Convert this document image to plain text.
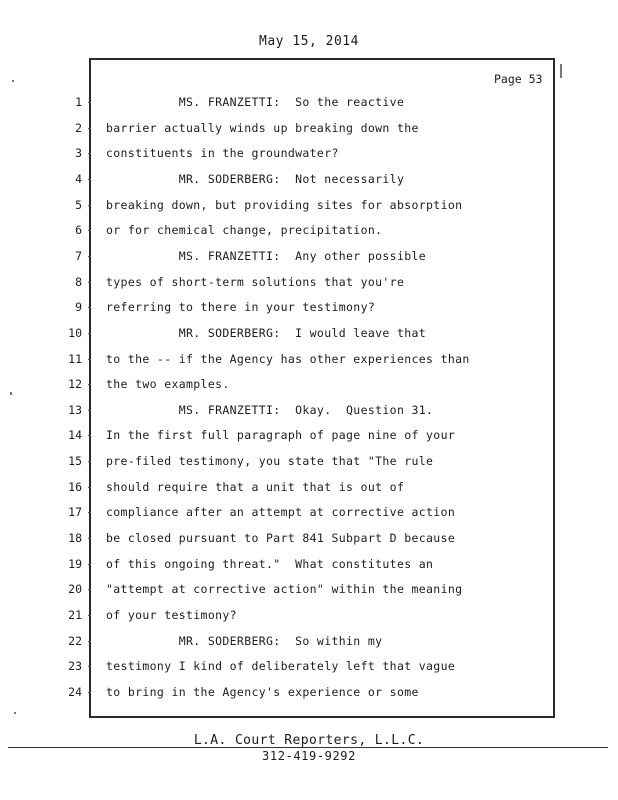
May 15, 2014
Page 53
1 MS. FRANZETTI:  So the reactive
2 barrier actually winds up breaking down the
3 constituents in the groundwater?
4 MR. SODERBERG:  Not necessarily
5 breaking down, but providing sites for absorption
6 or for chemical change, precipitation.
7 MS. FRANZETTI:  Any other possible
8 types of short-term solutions that you're
9 referring to there in your testimony?
10 MR. SODERBERG:  I would leave that
11 to the -- if the Agency has other experiences than
12 the two examples.
13 MS. FRANZETTI:  Okay.  Question 31.
14 In the first full paragraph of page nine of your
15 pre-filed testimony, you state that "The rule
16 should require that a unit that is out of
17 compliance after an attempt at corrective action
18 be closed pursuant to Part 841 Subpart D because
19 of this ongoing threat."  What constitutes an
20 "attempt at corrective action" within the meaning
21 of your testimony?
22 MR. SODERBERG:  So within my
23 testimony I kind of deliberately left that vague
24 to bring in the Agency's experience or some
L.A. Court Reporters, L.L.C.
312-419-9292
